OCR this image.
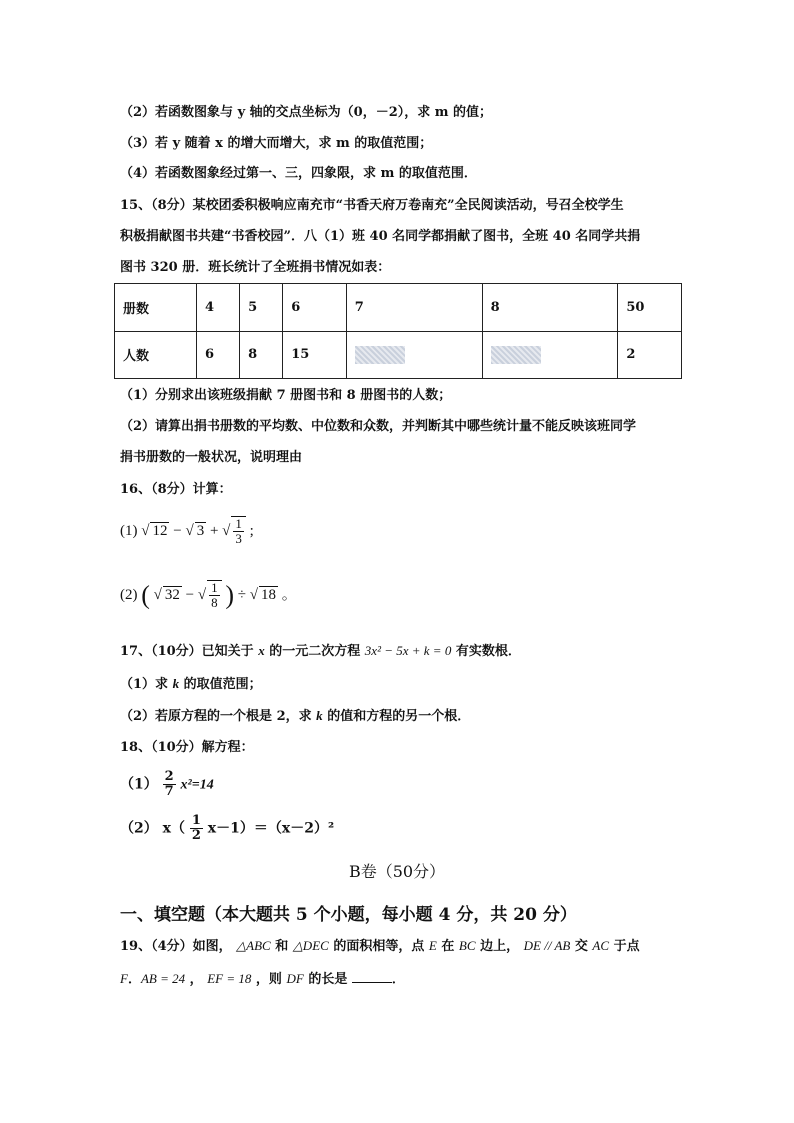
（2）若函数图象与 y 轴的交点坐标为（0，－2），求 m 的值；
（3）若 y 随着 x 的增大而增大，求 m 的取值范围；
（4）若函数图象经过第一、三，四象限，求 m 的取值范围．
15、（8分）某校团委积极响应南充市“书香天府万卷南充”全民阅读活动，号召全校学生
积极捐献图书共建“书香校园”．八（1）班 40 名同学都捐献了图书，全班 40 名同学共捐
图书 320 册．班长统计了全班捐书情况如表：
册数	4	5	6	7	8	50
人数	6	8	15			2
（1）分别求出该班级捐献 7 册图书和 8 册图书的人数；
（2）请算出捐书册数的平均数、中位数和众数，并判断其中哪些统计量不能反映该班同学
捐书册数的一般状况，说明理由
16、（8分）计算：
(1) √ 12 − √ 3 + √ $\frac{1}{3}$ ;
(2) ( √ 32 − √ $\frac{1}{8}$ ) ÷ √ 18 。
17、（10分）已知关于 x 的一元二次方程 3x² − 5x + k = 0 有实数根．
（1）求 k 的取值范围；
（2）若原方程的一个根是 2，求 k 的值和方程的另一个根．
18、（10分）解方程：
$(1) \frac{2}{7} x^2=14$
（2） $x( \frac{1}{2} x-1)=(x-2)^2$
B卷（50分）
一、填空题（本大题共 5 个小题，每小题 4 分，共 20 分）
19、（4分）如图， △ABC 和 △DEC 的面积相等，点 E 在 BC 边上， DE // AB 交 AC 于点
F．AB = 24 ， EF = 18 ，则 DF 的长是	．
